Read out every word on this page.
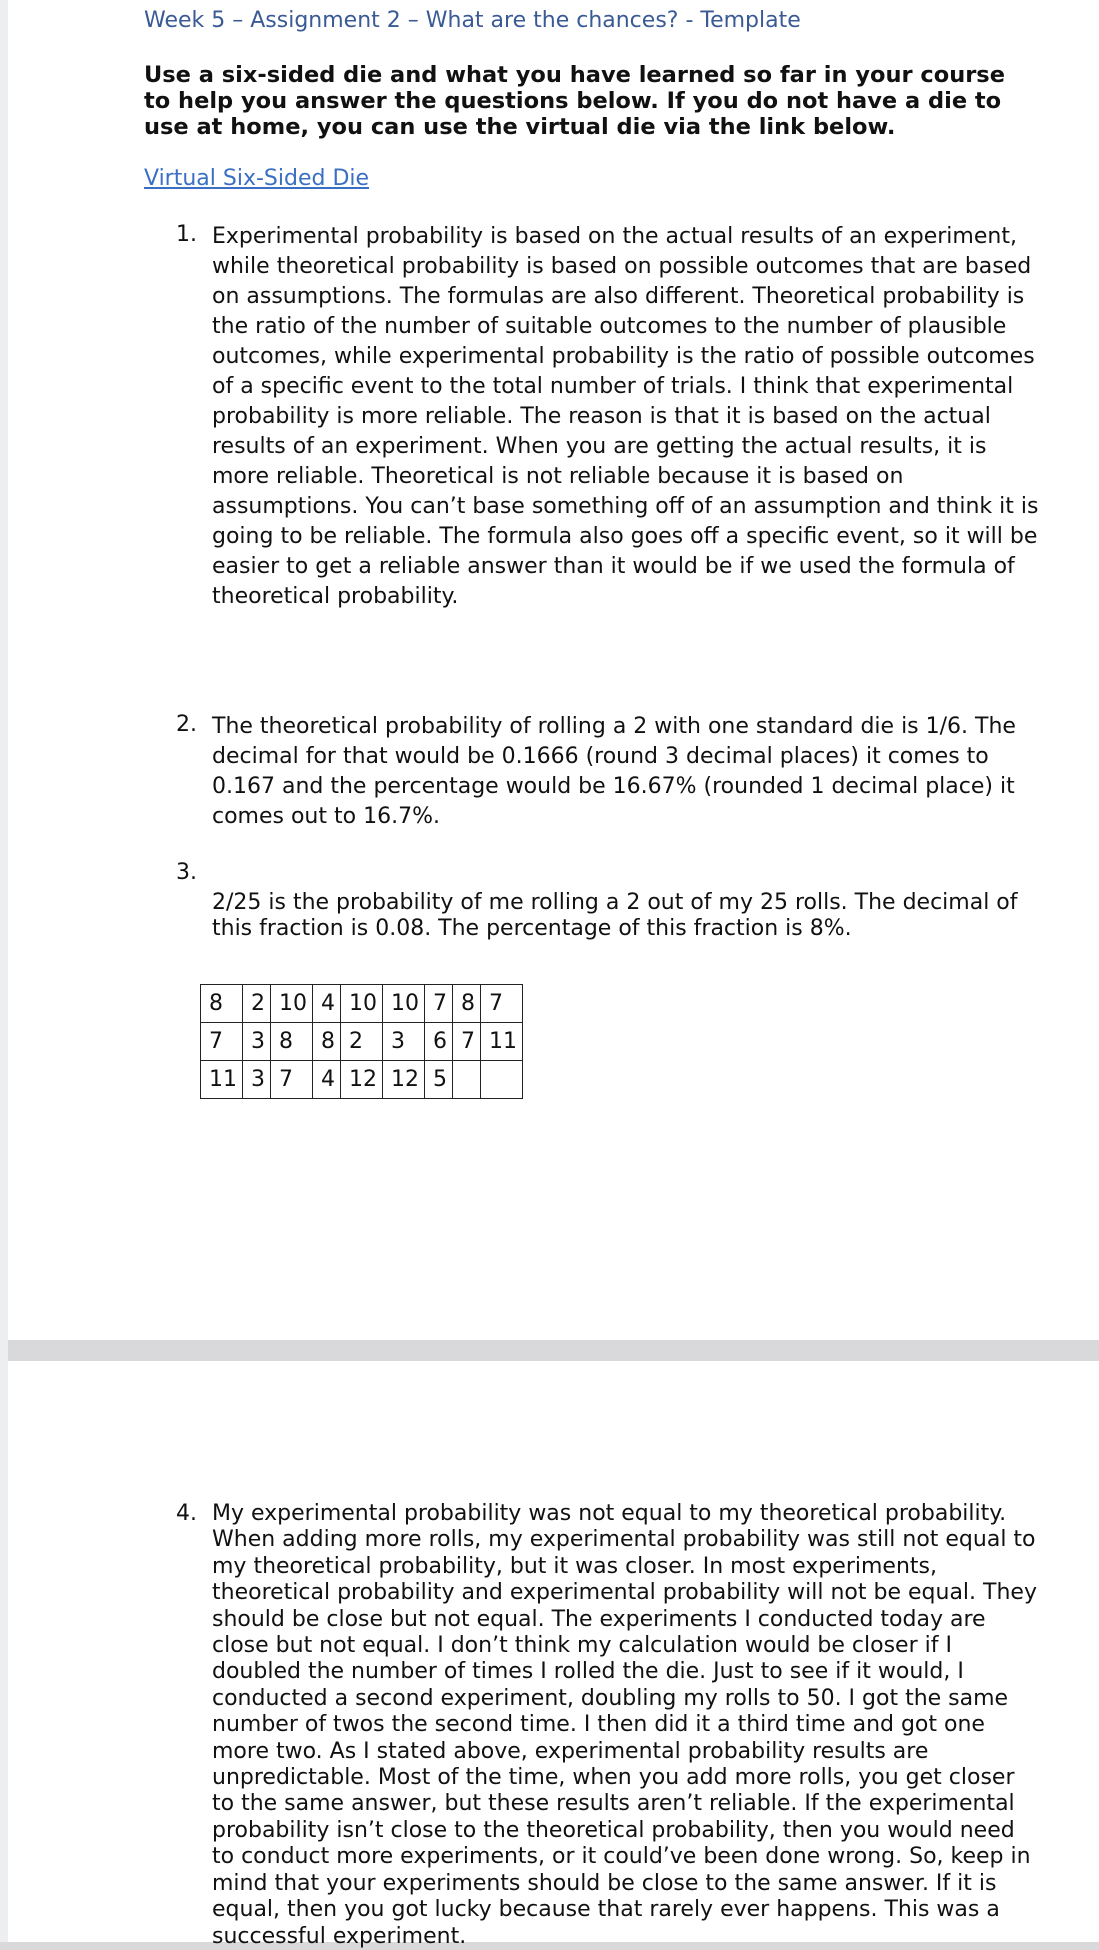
Week 5 – Assignment 2 – What are the chances? - Template
Use a six-sided die and what you have learned so far in your course to help you answer the questions below. If you do not have a die to use at home, you can use the virtual die via the link below.
Virtual Six-Sided Die
1. Experimental probability is based on the actual results of an experiment, while theoretical probability is based on possible outcomes that are based on assumptions. The formulas are also different. Theoretical probability is the ratio of the number of suitable outcomes to the number of plausible outcomes, while experimental probability is the ratio of possible outcomes of a specific event to the total number of trials. I think that experimental probability is more reliable. The reason is that it is based on the actual results of an experiment. When you are getting the actual results, it is more reliable. Theoretical is not reliable because it is based on assumptions. You can’t base something off of an assumption and think it is going to be reliable. The formula also goes off a specific event, so it will be easier to get a reliable answer than it would be if we used the formula of theoretical probability.
2. The theoretical probability of rolling a 2 with one standard die is 1/6. The decimal for that would be 0.1666 (round 3 decimal places) it comes to 0.167 and the percentage would be 16.67% (rounded 1 decimal place) it comes out to 16.7%.
3.
2/25 is the probability of me rolling a 2 out of my 25 rolls. The decimal of this fraction is 0.08. The percentage of this fraction is 8%.
8	2	10	4	10	10	7	8	7
7	3	8	8	2	3	6	7	11
11	3	7	4	12	12	5		
4. My experimental probability was not equal to my theoretical probability. When adding more rolls, my experimental probability was still not equal to my theoretical probability, but it was closer. In most experiments, theoretical probability and experimental probability will not be equal. They should be close but not equal. The experiments I conducted today are close but not equal. I don’t think my calculation would be closer if I doubled the number of times I rolled the die. Just to see if it would, I conducted a second experiment, doubling my rolls to 50. I got the same number of twos the second time. I then did it a third time and got one more two. As I stated above, experimental probability results are unpredictable. Most of the time, when you add more rolls, you get closer to the same answer, but these results aren’t reliable. If the experimental probability isn’t close to the theoretical probability, then you would need to conduct more experiments, or it could’ve been done wrong. So, keep in mind that your experiments should be close to the same answer. If it is equal, then you got lucky because that rarely ever happens. This was a successful experiment.
